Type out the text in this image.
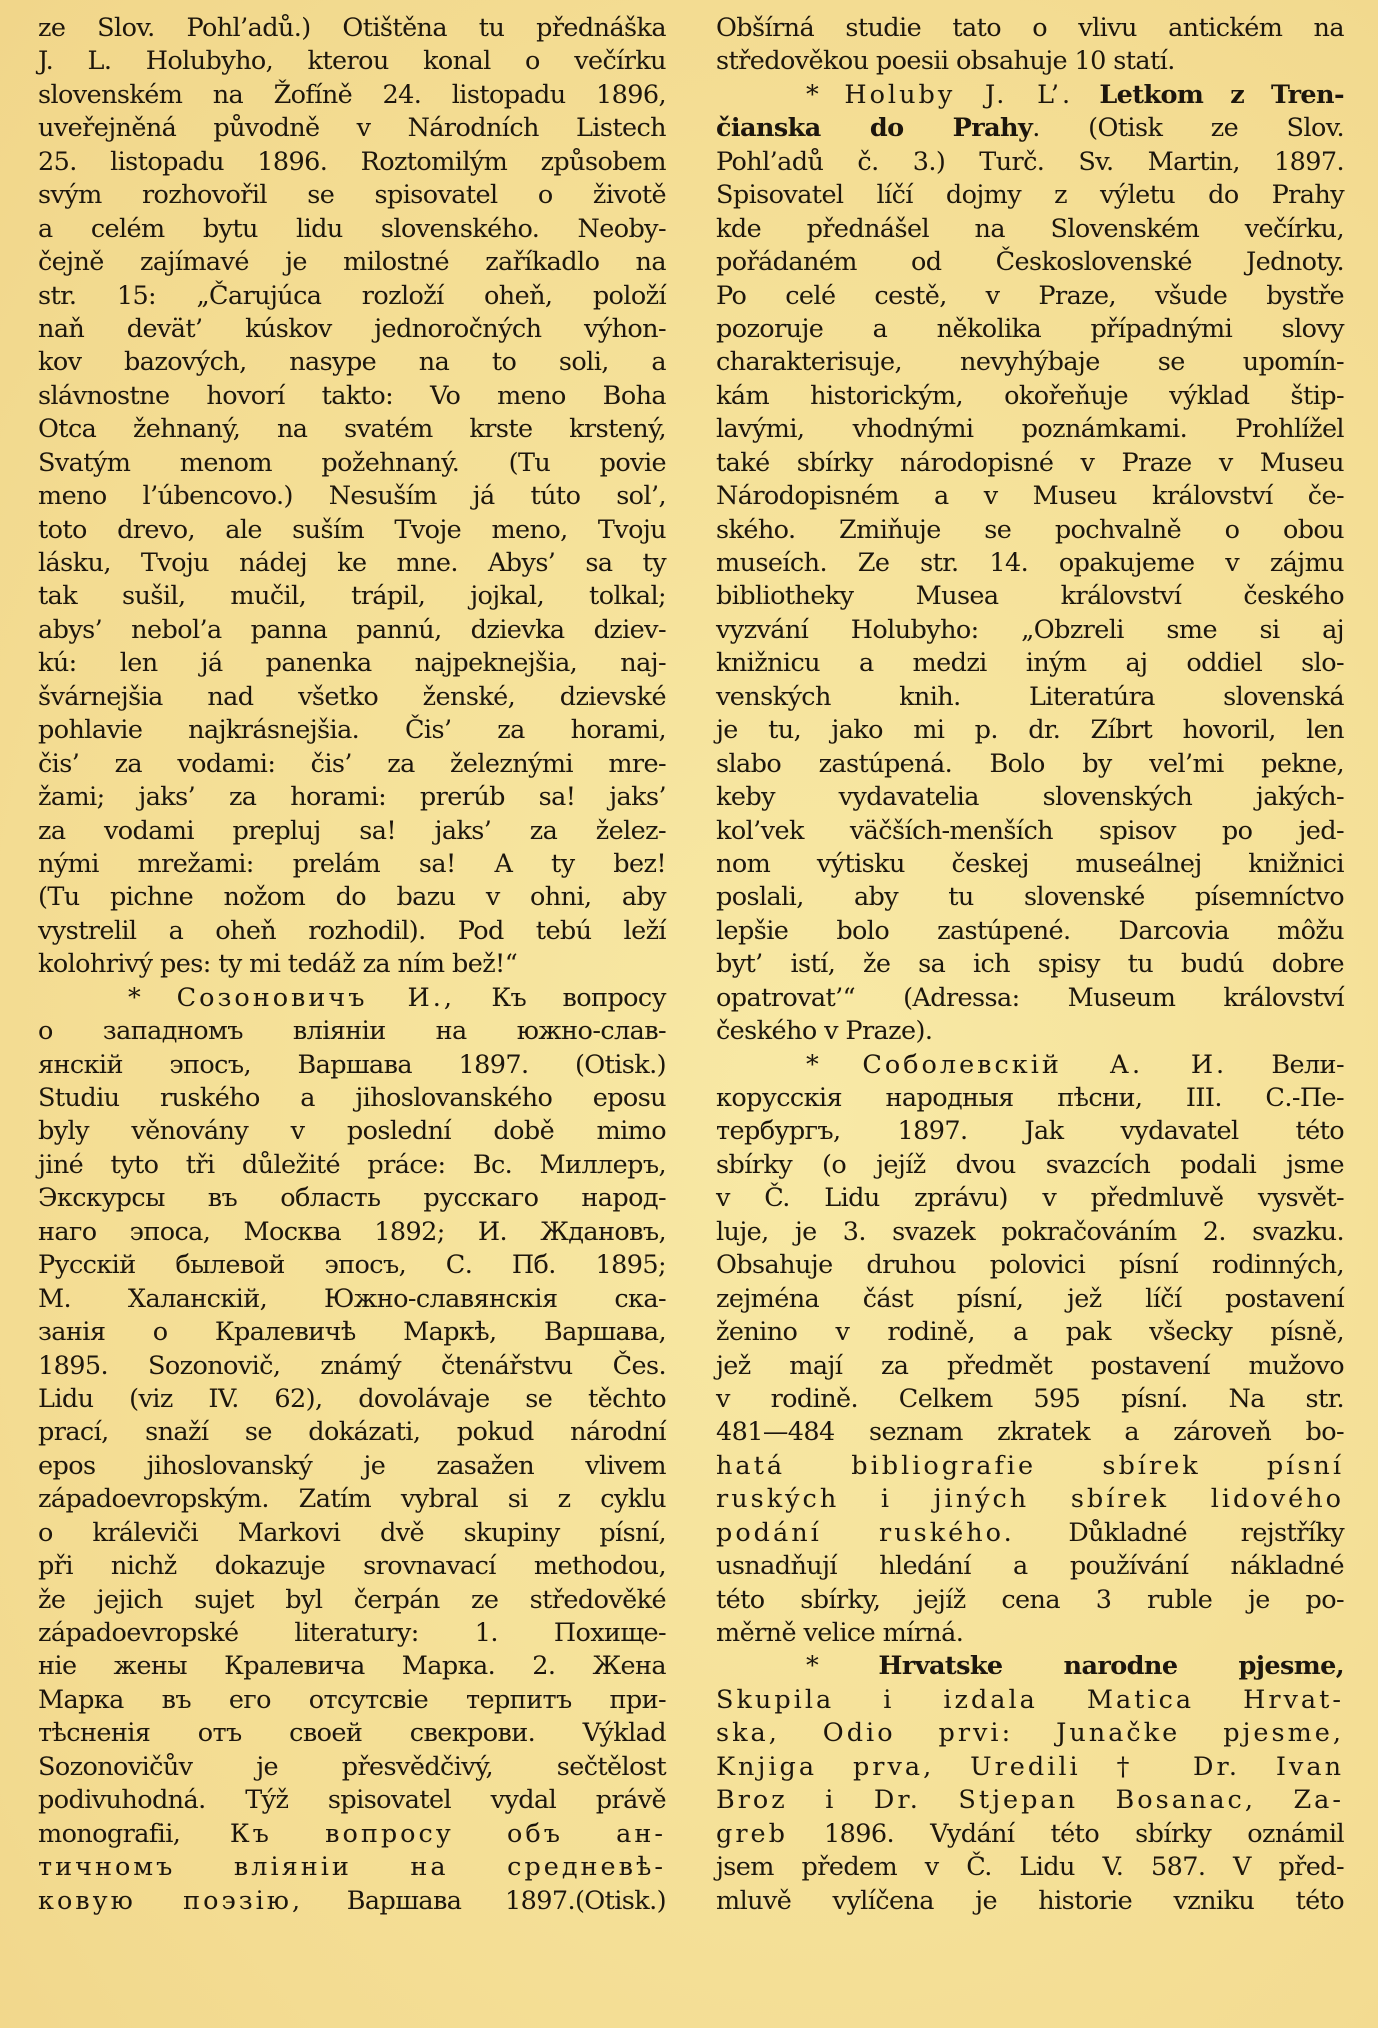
ze Slov. Pohl’adů.) Otištěna tu přednáška
J. L. Holubyho, kterou konal o večírku
slovenském na Žofíně 24. listopadu 1896,
uveřejněná původně v Národních Listech
25. listopadu 1896. Roztomilým způsobem
svým rozhovořil se spisovatel o životě
a celém bytu lidu slovenského. Neoby-
čejně zajímavé je milostné zaříkadlo na
str. 15: „Čarujúca rozloží oheň, položí
naň devät’ kúskov jednoročných výhon-
kov bazových, nasype na to soli, a
slávnostne hovorí takto: Vo meno Boha
Otca žehnaný, na svatém krste krstený,
Svatým menom požehnaný. (Tu povie
meno l’úbencovo.) Nesuším já túto sol’,
toto drevo, ale suším Tvoje meno, Tvoju
lásku, Tvoju nádej ke mne. Abys’ sa ty
tak sušil, mučil, trápil, jojkal, tolkal;
abys’ nebol’a panna pannú, dzievka dziev-
kú: len já panenka najpeknejšia, naj-
švárnejšia nad všetko ženské, dzievské
pohlavie najkrásnejšia. Čis’ za horami,
čis’ za vodami: čis’ za železnými mre-
žami; jaks’ za horami: prerúb sa! jaks’
za vodami prepluj sa! jaks’ za želez-
nými mrežami: prelám sa! A ty bez!
(Tu pichne nožom do bazu v ohni, aby
vystrelil a oheň rozhodil). Pod tebú leží
kolohrivý pes: ty mi tedáž za ním bež!“
* Созоновичъ И., Къ вопросу
о западномъ вліяніи на южно-слав-
янскій эпосъ, Варшава 1897. (Otisk.)
Studiu ruského a jihoslovanského eposu
byly věnovány v poslední době mimo
jiné tyto tři důležité práce: Вс. Миллеръ,
Экскурсы въ область русскаго народ-
наго эпоса, Москва 1892; И. Ждановъ,
Русскій былевой эпосъ, С. Пб. 1895;
М. Халанскій, Южно-славянскія ска-
занія о Кралевичѣ Маркѣ, Варшава,
1895. Sozonovič, známý čtenářstvu Čes.
Lidu (viz IV. 62), dovolávaje se těchto
prací, snaží se dokázati, pokud národní
epos jihoslovanský je zasažen vlivem
západoevropským. Zatím vybral si z cyklu
o králeviči Markovi dvě skupiny písní,
při nichž dokazuje srovnavací methodou,
že jejich sujet byl čerpán ze středověké
západoevropské literatury: 1. Похище-
ніе жены Кралевича Марка. 2. Жена
Марка въ его отсутсвіе терпитъ при-
тѣсненія отъ своей свекрови. Výklad
Sozonovičův je přesvědčivý, sečtělost
podivuhodná. Týž spisovatel vydal právě
monografii, Къ вопросу объ ан-
тичномъ вліяніи на средневѣ-
ковую поэзію, Варшава 1897.(Otisk.)
Obšírná studie tato o vlivu antickém na
středověkou poesii obsahuje 10 statí.
* Holuby J. L’. Letkom z Tren-
čianska do Prahy. (Otisk ze Slov.
Pohl’adů č. 3.) Turč. Sv. Martin, 1897.
Spisovatel líčí dojmy z výletu do Prahy
kde přednášel na Slovenském večírku,
pořádaném od Československé Jednoty.
Po celé cestě, v Praze, všude bystře
pozoruje a několika případnými slovy
charakterisuje, nevyhýbaje se upomín-
kám historickým, okořeňuje výklad štip-
lavými, vhodnými poznámkami. Prohlížel
také sbírky národopisné v Praze v Museu
Národopisném a v Museu království če-
ského. Zmiňuje se pochvalně o obou
museích. Ze str. 14. opakujeme v zájmu
bibliotheky Musea království českého
vyzvání Holubyho: „Obzreli sme si aj
knižnicu a medzi iným aj oddiel slo-
venských knih. Literatúra slovenská
je tu, jako mi p. dr. Zíbrt hovoril, len
slabo zastúpená. Bolo by vel’mi pekne,
keby vydavatelia slovenských jakých-
kol’vek väčších-menších spisov po jed-
nom výtisku českej museálnej knižnici
poslali, aby tu slovenské písemníctvo
lepšie bolo zastúpené. Darcovia môžu
byt’ istí, že sa ich spisy tu budú dobre
opatrovat’“ (Adressa: Museum království
českého v Praze).
* Соболевскій А. И. Вели-
корусскія народныя пѣсни, III. С.-Пе-
тербургъ, 1897. Jak vydavatel této
sbírky (o jejíž dvou svazcích podali jsme
v Č. Lidu zprávu) v předmluvě vysvět-
luje, je 3. svazek pokračováním 2. svazku.
Obsahuje druhou polovici písní rodinných,
zejména část písní, jež líčí postavení
ženino v rodině, a pak všecky písně,
jež mají za předmět postavení mužovo
v rodině. Celkem 595 písní. Na str.
481—484 seznam zkratek a zároveň bo-
hatá bibliografie sbírek písní
ruských i jiných sbírek lidového
podání ruského. Důkladné rejstříky
usnadňují hledání a používání nákladné
této sbírky, jejíž cena 3 ruble je po-
měrně velice mírná.
* Hrvatske narodne pjesme,
Skupila i izdala Matica Hrvat-
ska, Odio prvi: Junačke pjesme,
Knjiga prva, Uredili † Dr. Ivan
Broz i Dr. Stjepan Bosanac, Za-
greb 1896. Vydání této sbírky oznámil
jsem předem v Č. Lidu V. 587. V před-
mluvě vylíčena je historie vzniku této
